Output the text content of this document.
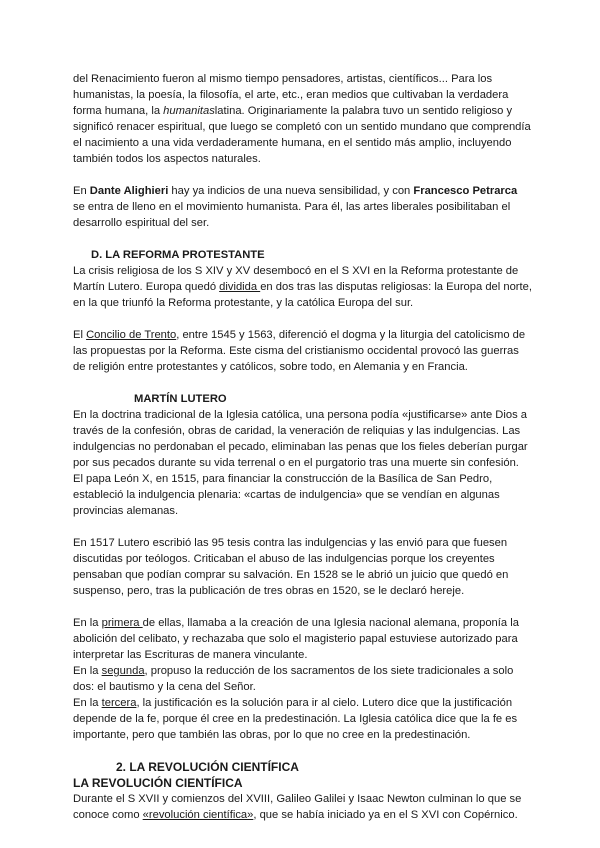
del Renacimiento fueron al mismo tiempo pensadores, artistas, científicos... Para los

humanistas, la poesía, la filosofía, el arte, etc., eran medios que cultivaban la verdadera

forma humana, la humanitaslatina. Originariamente la palabra tuvo un sentido religioso y

significó renacer espiritual, que luego se completó con un sentido mundano que comprendía

el nacimiento a una vida verdaderamente humana, en el sentido más amplio, incluyendo

también todos los aspectos naturales.

En Dante Alighieri hay ya indicios de una nueva sensibilidad, y con Francesco Petrarca

se entra de lleno en el movimiento humanista. Para él, las artes liberales posibilitaban el

desarrollo espiritual del ser.

D. LA REFORMA PROTESTANTE

La crisis religiosa de los S XIV y XV desembocó en el S XVI en la Reforma protestante de

Martín Lutero. Europa quedó dividida en dos tras las disputas religiosas: la Europa del norte,

en la que triunfó la Reforma protestante, y la católica Europa del sur.

El Concilio de Trento, entre 1545 y 1563, diferenció el dogma y la liturgia del catolicismo de

las propuestas por la Reforma. Este cisma del cristianismo occidental provocó las guerras

de religión entre protestantes y católicos, sobre todo, en Alemania y en Francia.

MARTÍN LUTERO

En la doctrina tradicional de la Iglesia católica, una persona podía «justificarse» ante Dios a

través de la confesión, obras de caridad, la veneración de reliquias y las indulgencias. Las

indulgencias no perdonaban el pecado, eliminaban las penas que los fieles deberían purgar

por sus pecados durante su vida terrenal o en el purgatorio tras una muerte sin confesión.

El papa León X, en 1515, para financiar la construcción de la Basílica de San Pedro,

estableció la indulgencia plenaria: «cartas de indulgencia» que se vendían en algunas

provincias alemanas.

En 1517 Lutero escribió las 95 tesis contra las indulgencias y las envió para que fuesen

discutidas por teólogos. Criticaban el abuso de las indulgencias porque los creyentes

pensaban que podían comprar su salvación. En 1528 se le abrió un juicio que quedó en

suspenso, pero, tras la publicación de tres obras en 1520, se le declaró hereje.

En la primera de ellas, llamaba a la creación de una Iglesia nacional alemana, proponía la

abolición del celibato, y rechazaba que solo el magisterio papal estuviese autorizado para

interpretar las Escrituras de manera vinculante.

En la segunda, propuso la reducción de los sacramentos de los siete tradicionales a solo

dos: el bautismo y la cena del Señor.

En la tercera, la justificación es la solución para ir al cielo. Lutero dice que la justificación

depende de la fe, porque él cree en la predestinación. La Iglesia católica dice que la fe es

importante, pero que también las obras, por lo que no cree en la predestinación.

2. LA REVOLUCIÓN CIENTÍFICA

LA REVOLUCIÓN CIENTÍFICA

Durante el S XVII y comienzos del XVIII, Galileo Galilei y Isaac Newton culminan lo que se

conoce como «revolución científica», que se había iniciado ya en el S XVI con Copérnico.
